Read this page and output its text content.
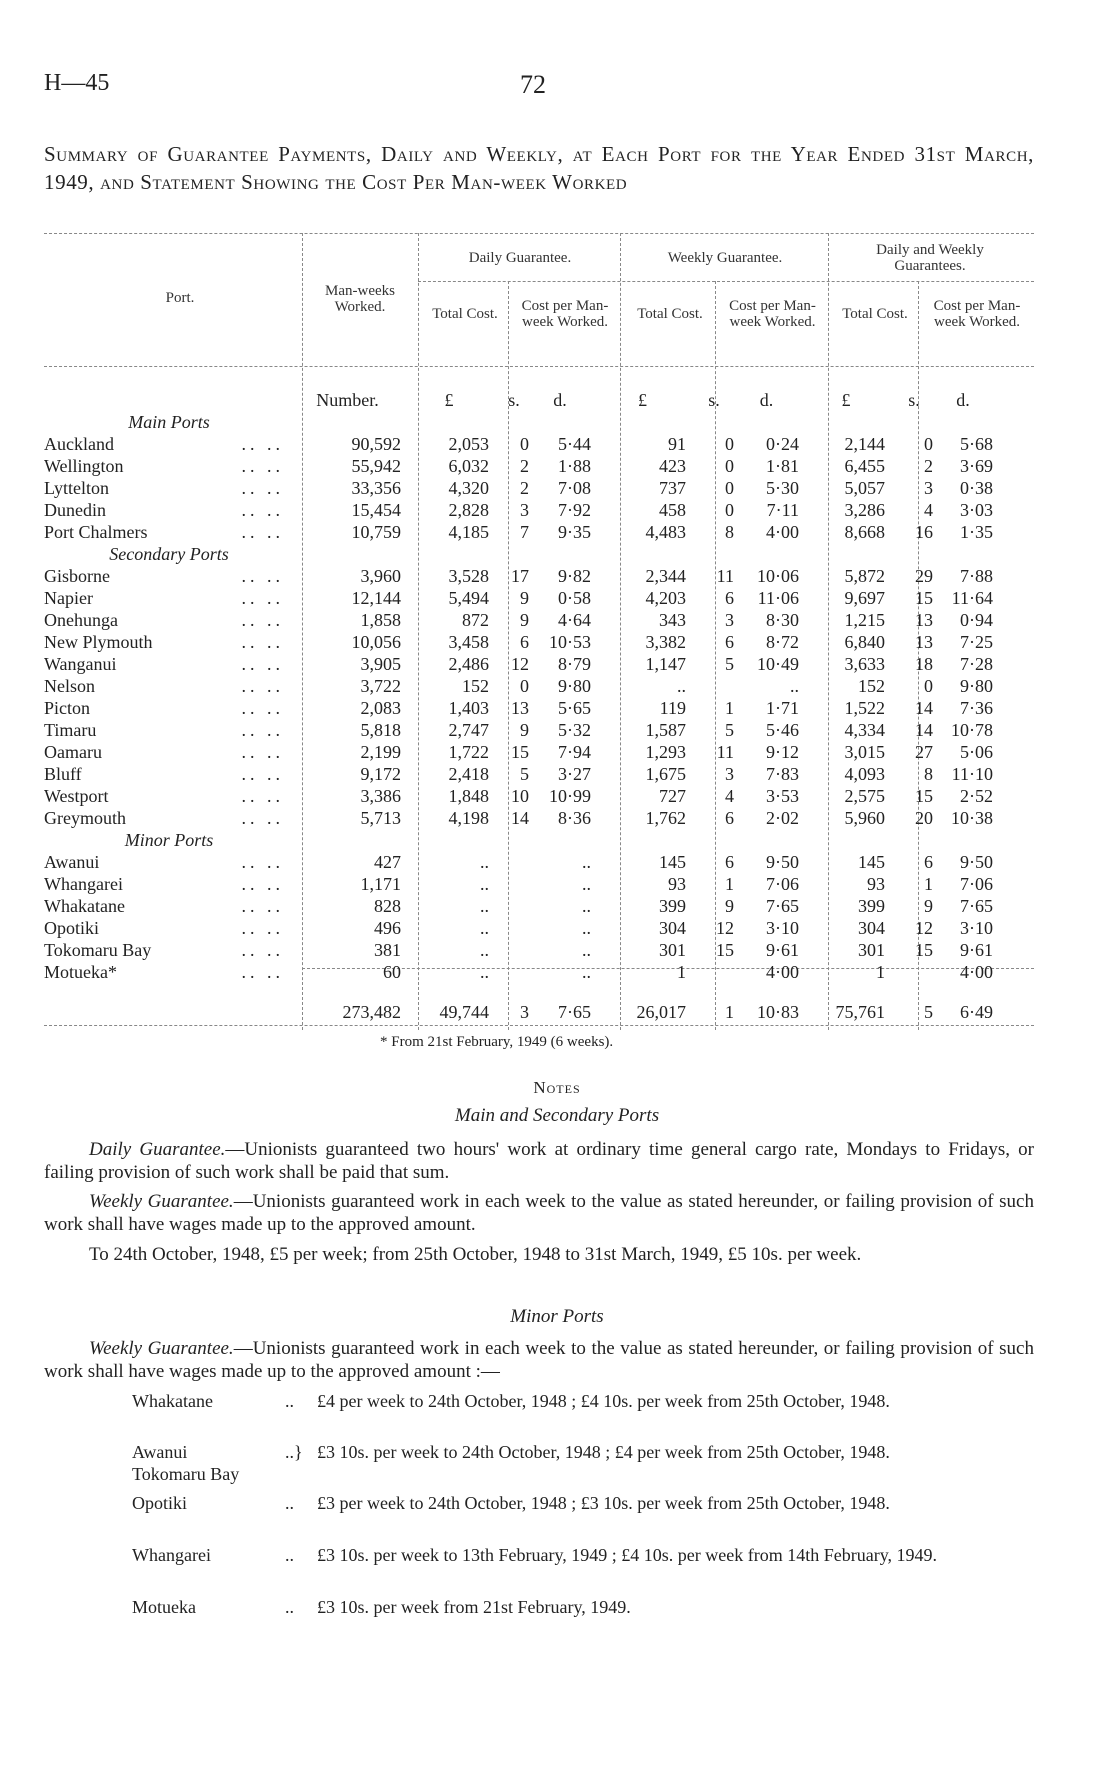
H—45	72
Summary of Guarantee Payments, Daily and Weekly, at Each Port for the Year Ended 31st March, 1949, and Statement Showing the Cost Per Man-week Worked
Port.	Man-weeks Worked.
Daily Guarantee.	Weekly Guarantee.	Daily and Weekly Guarantees.
Total Cost.	Cost per Man-week Worked.	Total Cost.	Cost per Man-week Worked.	Total Cost.	Cost per Man-week Worked.
	Number.	£	s.	d.	£	s.	d.	£	s.	d.
Main Ports										
Auckland .. ..	90,592	2,053	0	5·44	91	0	0·24	2,144	0	5·68
Wellington .. ..	55,942	6,032	2	1·88	423	0	1·81	6,455	2	3·69
Lyttelton .. ..	33,356	4,320	2	7·08	737	0	5·30	5,057	3	0·38
Dunedin .. ..	15,454	2,828	3	7·92	458	0	7·11	3,286	4	3·03
Port Chalmers .. ..	10,759	4,185	7	9·35	4,483	8	4·00	8,668	16	1·35
Secondary Ports										
Gisborne .. ..	3,960	3,528	17	9·82	2,344	11	10·06	5,872	29	7·88
Napier .. ..	12,144	5,494	9	0·58	4,203	6	11·06	9,697	15	11·64
Onehunga .. ..	1,858	872	9	4·64	343	3	8·30	1,215	13	0·94
New Plymouth .. ..	10,056	3,458	6	10·53	3,382	6	8·72	6,840	13	7·25
Wanganui .. ..	3,905	2,486	12	8·79	1,147	5	10·49	3,633	18	7·28
Nelson .. ..	3,722	152	0	9·80	..		..	152	0	9·80
Picton .. ..	2,083	1,403	13	5·65	119	1	1·71	1,522	14	7·36
Timaru .. ..	5,818	2,747	9	5·32	1,587	5	5·46	4,334	14	10·78
Oamaru .. ..	2,199	1,722	15	7·94	1,293	11	9·12	3,015	27	5·06
Bluff .. ..	9,172	2,418	5	3·27	1,675	3	7·83	4,093	8	11·10
Westport .. ..	3,386	1,848	10	10·99	727	4	3·53	2,575	15	2·52
Greymouth .. ..	5,713	4,198	14	8·36	1,762	6	2·02	5,960	20	10·38
Minor Ports										
Awanui .. ..	427	..		..	145	6	9·50	145	6	9·50
Whangarei .. ..	1,171	..		..	93	1	7·06	93	1	7·06
Whakatane .. ..	828	..		..	399	9	7·65	399	9	7·65
Opotiki .. ..	496	..		..	304	12	3·10	304	12	3·10
Tokomaru Bay .. ..	381	..		..	301	15	9·61	301	15	9·61
Motueka* .. ..	60	..		..	1		4·00	1		4·00

	273,482	49,744	3	7·65	26,017	1	10·83	75,761	5	6·49
* From 21st February, 1949 (6 weeks).
Notes
Main and Secondary Ports
Daily Guarantee.—Unionists guaranteed two hours' work at ordinary time general cargo rate, Mondays to Fridays, or failing provision of such work shall be paid that sum.
Weekly Guarantee.—Unionists guaranteed work in each week to the value as stated hereunder, or failing provision of such work shall have wages made up to the approved amount.
To 24th October, 1948, £5 per week; from 25th October, 1948 to 31st March, 1949, £5 10s. per week.
Minor Ports
Weekly Guarantee.—Unionists guaranteed work in each week to the value as stated hereunder, or failing provision of such work shall have wages made up to the approved amount :—
Whakatane	.. £4 per week to 24th October, 1948 ; £4 10s. per week from 25th October, 1948.
Awanui
Tokomaru Bay
..} £3 10s. per week to 24th October, 1948 ; £4 per week from 25th October, 1948.
Opotiki	.. £3 per week to 24th October, 1948 ; £3 10s. per week from 25th October, 1948.
Whangarei	.. £3 10s. per week to 13th February, 1949 ; £4 10s. per week from 14th February, 1949.
Motueka	.. £3 10s. per week from 21st February, 1949.
